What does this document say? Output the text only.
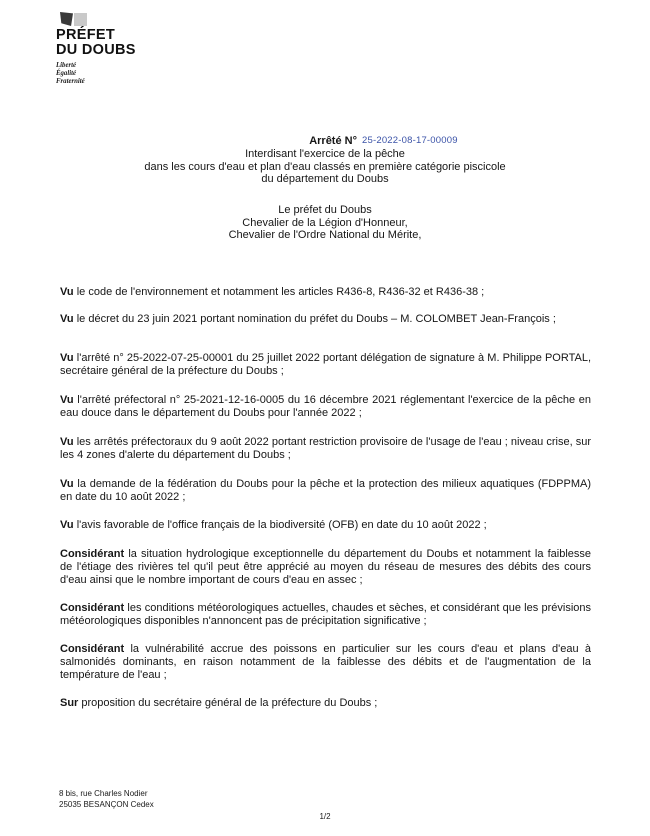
PRÉFET
DU DOUBS
Liberté
Égalité
Fraternité
Arrêté N° 25-2022-08-17-00009
Interdisant l'exercice de la pêche
dans les cours d'eau et plan d'eau classés en première catégorie piscicole
du département du Doubs
Le préfet du Doubs
Chevalier de la Légion d'Honneur,
Chevalier de l'Ordre National du Mérite,

Vu le code de l'environnement et notamment les articles R436-8, R436-32 et R436-38 ;

Vu le décret du 23 juin 2021 portant nomination du préfet du Doubs – M. COLOMBET Jean-François ;

Vu l'arrêté n° 25-2022-07-25-00001 du 25 juillet 2022 portant délégation de signature à M. Philippe PORTAL, secrétaire général de la préfecture du Doubs ;

Vu l'arrêté préfectoral n° 25-2021-12-16-0005 du 16 décembre 2021 réglementant l'exercice de la pêche en eau douce dans le département du Doubs pour l'année 2022 ;

Vu les arrêtés préfectoraux du 9 août 2022 portant restriction provisoire de l'usage de l'eau ; niveau crise, sur les 4 zones d'alerte du département du Doubs ;

Vu la demande de la fédération du Doubs pour la pêche et la protection des milieux aquatiques (FDPPMA) en date du 10 août 2022 ;

Vu l'avis favorable de l'office français de la biodiversité (OFB) en date du 10 août 2022 ;

Considérant la situation hydrologique exceptionnelle du département du Doubs et notamment la faiblesse de l'étiage des rivières tel qu'il peut être apprécié au moyen du réseau de mesures des débits des cours d'eau ainsi que le nombre important de cours d'eau en assec ;

Considérant les conditions météorologiques actuelles, chaudes et sèches, et considérant que les prévisions météorologiques disponibles n'annoncent pas de précipitation significative ;

Considérant la vulnérabilité accrue des poissons en particulier sur les cours d'eau et plans d'eau à salmonidés dominants, en raison notamment de la faiblesse des débits et de l'augmentation de la température de l'eau ;

Sur proposition du secrétaire général de la préfecture du Doubs ;

8 bis, rue Charles Nodier
25035 BESANÇON Cedex
1/2
